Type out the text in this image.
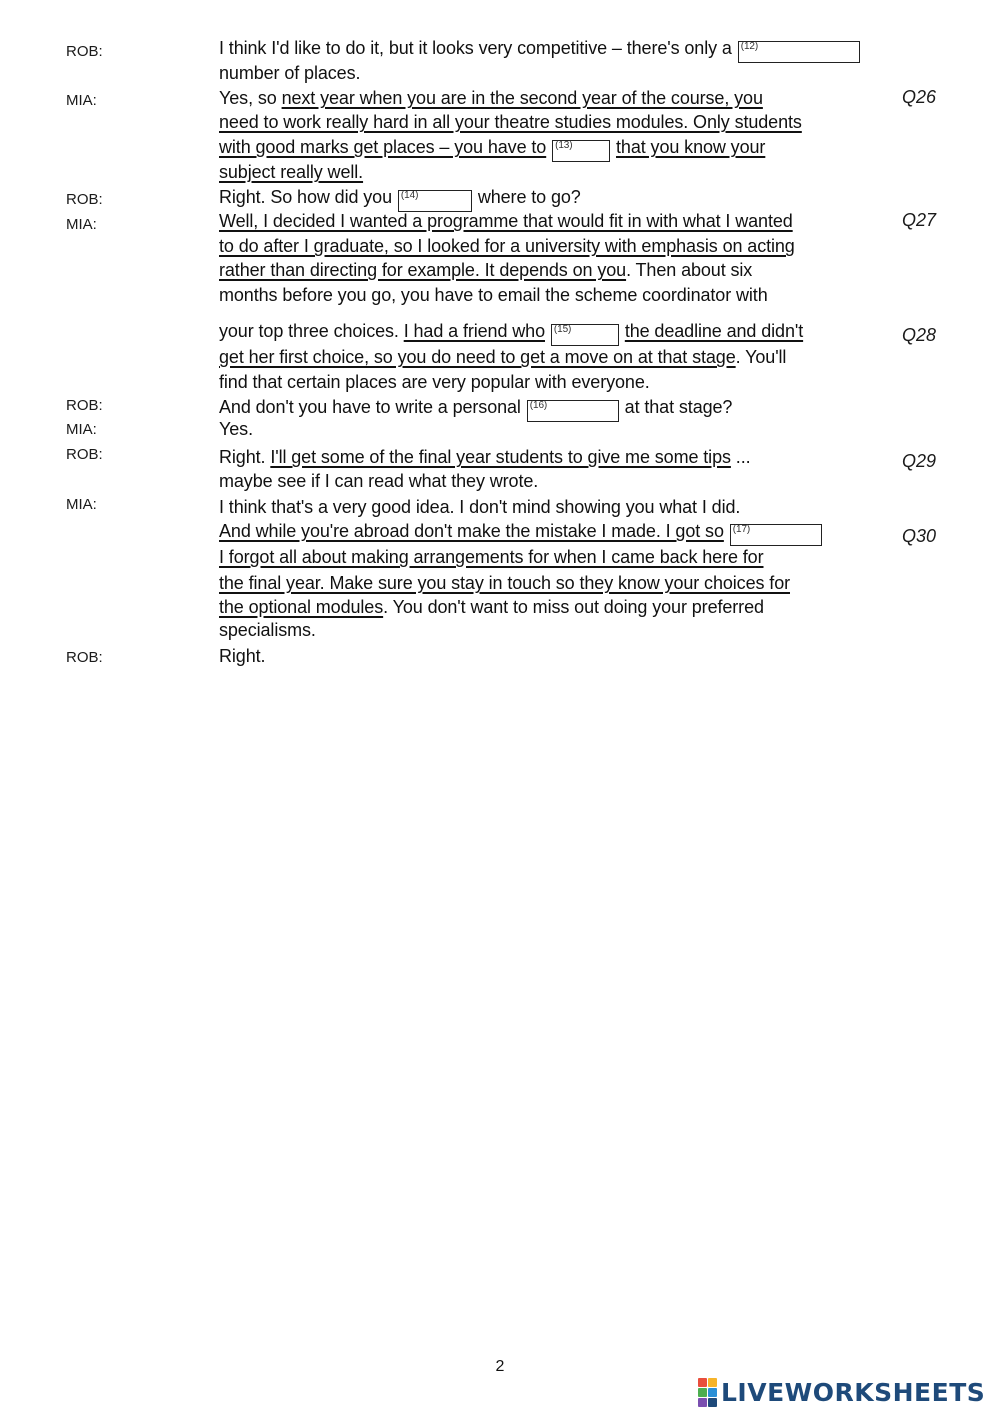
ROB:
MIA:
ROB:
MIA:
ROB:
MIA:
ROB:
MIA:
ROB:
Q26
Q27
Q28
Q29
Q30
I think I'd like to do it, but it looks very competitive – there's only a (12)
number of places.
Yes, so next year when you are in the second year of the course, you
need to work really hard in all your theatre studies modules. Only students
with good marks get places – you have to (13) that you know your
subject really well.
Right. So how did you (14)	where to go?
Well, I decided I wanted a programme that would fit in with what I wanted
to do after I graduate, so I looked for a university with emphasis on acting
rather than directing for example. It depends on you. Then about six
months before you go, you have to email the scheme coordinator with
your top three choices. I had a friend who (15)	the deadline and didn't
get her first choice, so you do need to get a move on at that stage. You'll
find that certain places are very popular with everyone.
And don't you have to write a personal (16)	at that stage?
Yes.
Right. I'll get some of the final year students to give me some tips ...
maybe see if I can read what they wrote.
I think that's a very good idea. I don't mind showing you what I did.
And while you're abroad don't make the mistake I made. I got so (17)
I forgot all about making arrangements for when I came back here for
the final year. Make sure you stay in touch so they know your choices for
the optional modules. You don't want to miss out doing your preferred
specialisms.
Right.
2
LIVEWORKSHEETS
